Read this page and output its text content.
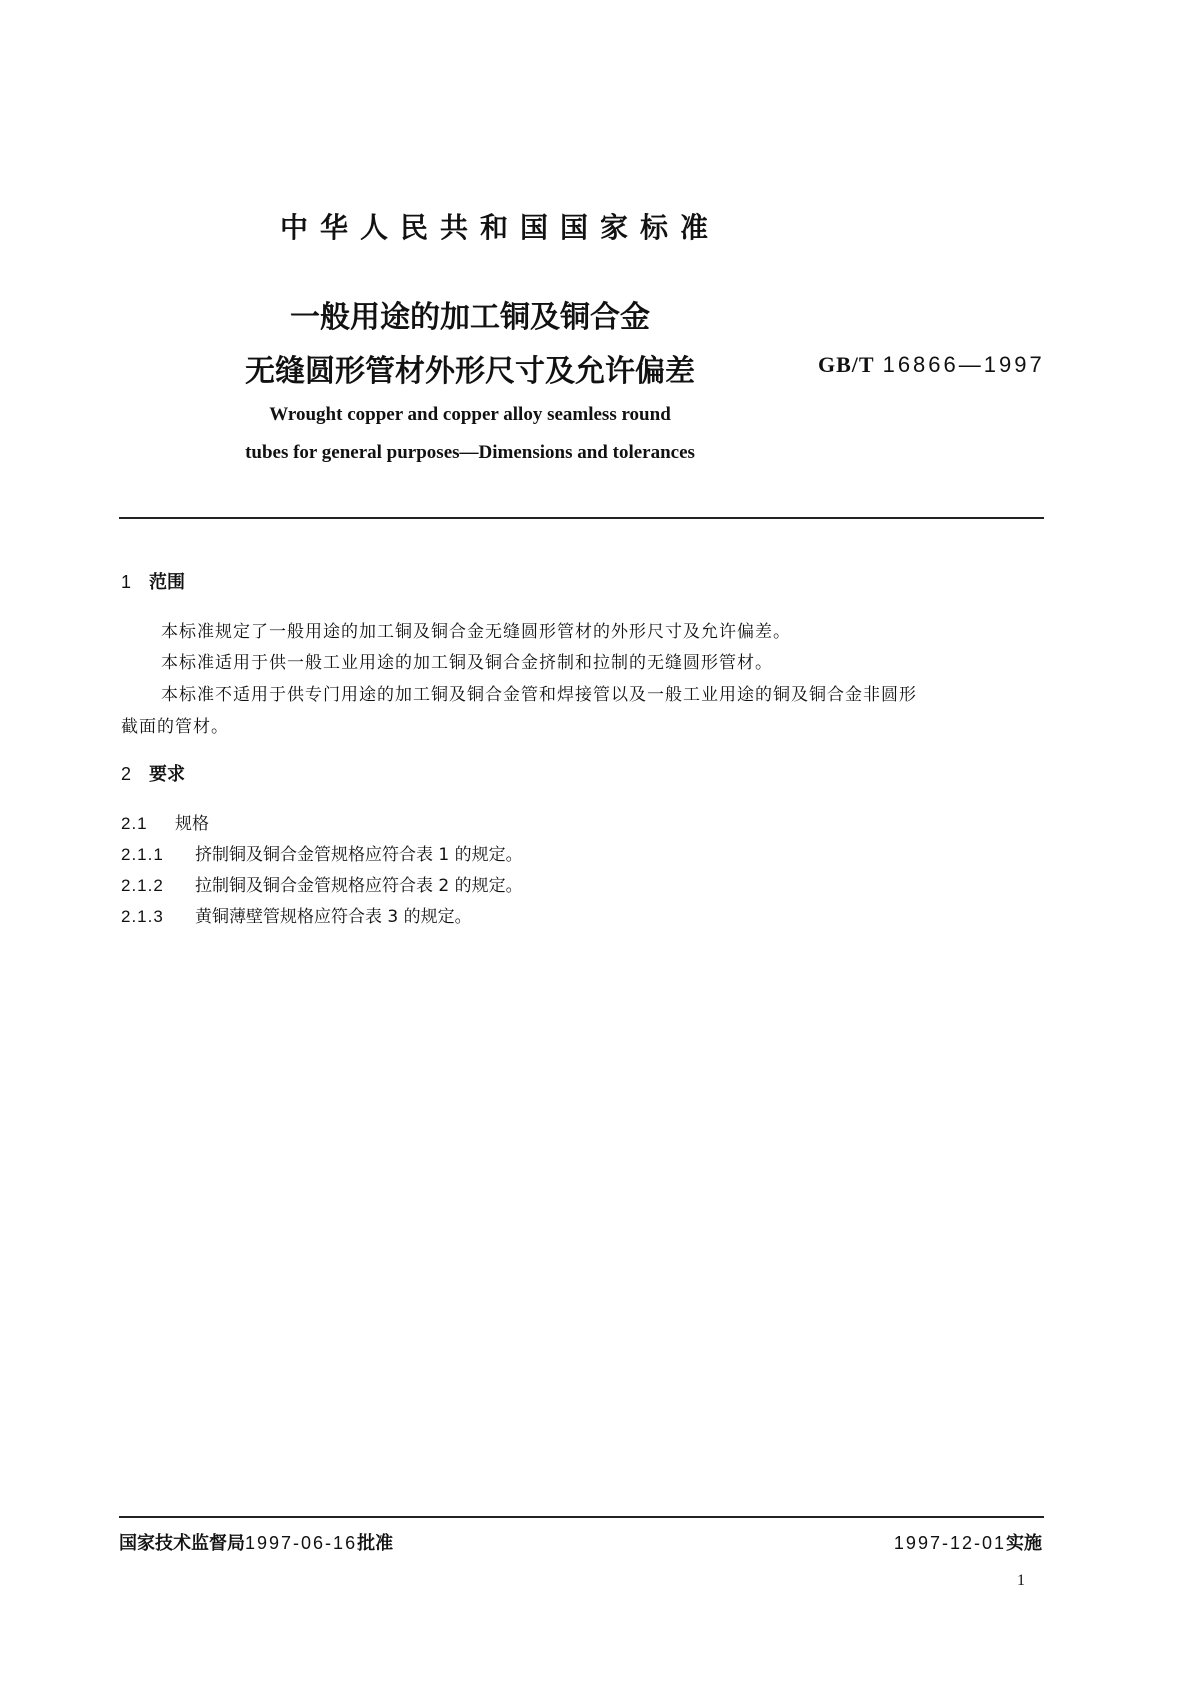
中华人民共和国国家标准
一般用途的加工铜及铜合金
无缝圆形管材外形尺寸及允许偏差	GB/T 16866—1997
Wrought copper and copper alloy seamless round
tubes for general purposes—Dimensions and tolerances
1 范围
本标准规定了一般用途的加工铜及铜合金无缝圆形管材的外形尺寸及允许偏差。
本标准适用于供一般工业用途的加工铜及铜合金挤制和拉制的无缝圆形管材。
本标准不适用于供专门用途的加工铜及铜合金管和焊接管以及一般工业用途的铜及铜合金非圆形
截面的管材。
2 要求
2.1 规格
2.1.1 挤制铜及铜合金管规格应符合表 1 的规定。
2.1.2 拉制铜及铜合金管规格应符合表 2 的规定。
2.1.3 黄铜薄壁管规格应符合表 3 的规定。
国家技术监督局1997-06-16批准	1997-12-01实施
1
